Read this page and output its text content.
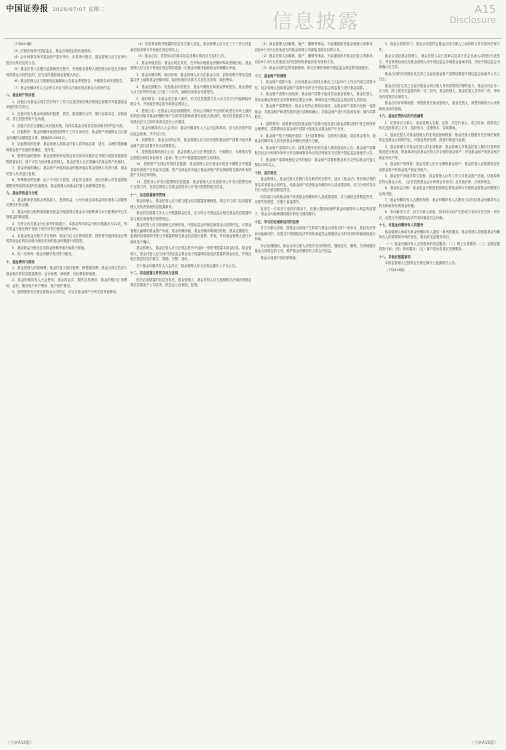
中国证券报 2020/07/07 星期二	信息披露	A15
Disclosure

（下转A14版）

（3）法律法规或中国证监会、基金合同规定的其他情形。

（4）会计师事务所对基金财产进行审计，出具审计报告，基金管理人应当在审计报告出具后及时公告。

（5）基金托管人在履行监督职责过程中，发现基金管理人的投资运作违反法律法规或基金合同约定的，应当及时通知基金管理人纠正。

（6）基金管理人应当按照规定编制和公告基金季度报告、中期报告和年度报告。

（7）基金份额持有人大会的召开应当符合法律法规及基金合同的约定。

八、基金财产的估值

1、估值日为基金合同生效后每个工作日以及国家法律法规规定需要对外披露基金净值的非交易日。

2、估值对象为基金所拥有的股票、债券、股指期货合约、银行存款本息、应收款项、其它投资等资产及负债。

3、估值方法应当遵循公允价值原则，具体以基金合同及招募说明书的约定为准。

4、估值程序：基金份额净值是按照每个工作日闭市后，基金资产净值除以当日基金份额的余额数量计算，精确到0.0001元。

5、估值错误的处理：基金管理人和基金托管人将采取必要、适当、合理的措施确保基金资产估值的准确性、及时性。

6、暂停估值的情形：基金投资所涉及的证券交易市场遇法定节假日或因其他原因暂停营业时；因不可抗力致使基金管理人、基金托管人无法准确评估基金资产价值时。

7、基金净值的确认：基金资产净值和基金份额净值由基金管理人负责计算，基金托管人负责进行复核。

8、特殊情况的处理：由于不可抗力原因，或证券交易所、登记结算公司发送的数据错误等原因造成的估值错误，基金管理人和基金托管人免除赔偿责任。

九、基金的收益与分配

1、基金利润是指基金利息收入、投资收益、公允价值变动收益和其他收入扣除相关费用后的余额。

2、基金可供分配利润指截至收益分配基准日基金未分配利润与未分配利润中已实现收益的孰低数。

3、在符合有关基金分红条件的前提下，本基金每年收益分配次数最多为12次，每次收益分配比例不得低于该次可供分配利润的10%。

4、本基金收益分配方式分两种：现金分红与红利再投资，投资者可选择现金红利或将现金红利自动转为相应类别的基金份额进行再投资。

5、基金收益分配后各类基金份额净值不能低于面值。

6、同一类别每一基金份额享有同等分配权。

十、基金费用与税收

1、基金管理人的管理费；基金托管人的托管费；销售服务费；基金合同生效后与基金相关的信息披露费用；会计师费、律师费、诉讼费和仲裁费。

2、基金份额持有人大会费用；基金的证券、期货交易费用；基金的银行汇划费用；证券、期货账户开户费用、账户维护费用。

3、按照国家有关规定和基金合同约定，可以在基金财产中列支的其他费用。

（4）若招募说明书披露的信息发生重大变化，基金管理人应当在三个工作日内更新招募说明书并登载在规定网站上。

（5）基金合同、托管协议的基本信息及修订情况应当及时公告。

2、基金净值信息：基金合同生效后，在开始办理基金份额申购或者赎回前，基金管理人应当至少每周在规定网站披露一次基金份额净值和基金份额累计净值。

3、基金份额申购、赎回价格：基金管理人应当在基金合同、招募说明书等信息披露文件上载明基金份额申购、赎回价格的计算方式及有关申购、赎回费率。

4、基金定期报告：包括基金年度报告、基金中期报告和基金季度报告。基金管理人应当在每年结束之日起三个月内，编制完成基金年度报告。

5、临时报告：本基金发生重大事件，有关信息披露义务人应当在2日内编制临时报告书，并登载在规定报刊和规定网站上。

6、澄清公告：在基金合同存续期限内，任何公共媒介中出现的或者在市场上流传的消息可能对基金份额价格产生误导性影响或者引起较大波动的，相关信息披露义务人知悉后应当立即对该消息进行公开澄清。

7、基金份额持有人大会决议：基金份额持有人大会决定的事项，应当依法报中国证监会备案，并予以公告。

8、清算报告：基金合同终止的，基金管理人应当依法组织基金财产清算小组对基金财产进行清算并作出清算报告。

9、投资股指期货相关公告：基金管理人应当在季度报告、中期报告、年度报告等定期报告和招募说明书（更新）等文件中披露股指期货交易情况。

10、投资资产支持证券的信息披露：基金管理人应在基金年报及中期报告中披露其持有的资产支持证券总额、资产支持证券市值占基金净资产的比例和报告期内所有的资产支持证券明细。

11、投资非公开发行股票的信息披露：基金管理人应在投资非公开发行股票后两个交易日内，在规定网站公告基金投资非公开发行股票的相关信息。

十一、信息披露事务管理

基金管理人、基金托管人应当建立健全信息披露管理制度，指定专门部门及高级管理人员负责管理信息披露事务。

基金信息披露义务人公开披露基金信息，应当符合中国证监会相关基金信息披露内容与格式准则等法规的规定。

基金托管人应当按照相关法律法规、中国证监会的规定和基金合同的约定，对基金管理人编制的基金资产净值、基金份额净值、基金份额申购赎回价格、基金定期报告、更新的招募说明书等公开披露的相关基金信息进行复核、审查，并向基金管理人进行书面或电子确认。

基金管理人、基金托管人应当在规定报刊中选择一家报刊披露本基金信息。基金管理人、基金托管人应当向中国证监会基金电子披露网站报送拟披露的基金信息，并保证相关报送信息的真实、准确、完整、及时。

对于基金份额持有人大会决议，基金管理人应当在规定媒介上予以公告。

十二、信息披露文件的存放与查阅

依法必须披露的信息发布后，基金管理人、基金托管人应当按照相关法律法规规定将信息置备于公司住所，供社会公众查阅、复制。

（1）基金管理人因解散、破产、撤销等事由，不能继续担任基金管理人的职务，而在6个月内无其他适当的基金管理公司承接其原有权利义务。

（2）基金托管人因解散、破产、撤销等事由，不能继续担任基金托管人的职务，而在6个月内无其他适当的托管机构承接其原有权利义务。

（3）基金合同约定的其他情形；相关法律法规和中国证监会规定的其他情况。

十三、基金财产的清算

1、基金财产清算小组：自出现基金合同终止事由之日起30个工作日内成立清算小组，基金管理人组织基金财产清算小组并在中国证监会的监督下进行基金清算。

2、基金财产清算小组组成：基金财产清算小组成员由基金管理人、基金托管人、具有从事证券相关业务资格的注册会计师、律师以及中国证监会指定的人员组成。

3、基金财产清算程序：基金合同终止情形出现时，由基金财产清算小组统一接管基金；对基金财产和债权债务进行清理和确认；对基金财产进行估值和变现；制作清算报告。

4、清算费用：清算费用是指基金财产清算小组在进行基金清算过程中发生的所有合理费用，清算费用由基金财产清算小组优先从基金财产中支付。

5、基金财产按下列顺序清偿：支付清算费用；交纳所欠税款；清偿基金债务；按基金份额持有人持有的基金份额比例进行分配。

6、基金财产清算的公告：清算过程中的有关重大事项须及时公告；基金财产清算报告经会计师事务所审计并由律师事务所出具法律意见书后报中国证监会备案并公告。

7、基金财产清算账册及文件的保存：基金财产清算账册及有关文件由基金托管人保存15年以上。

十四、违约责任

基金管理人、基金托管人在履行各自职责的过程中，违反《基金法》等法律法规的规定或者基金合同约定，给基金财产或者基金份额持有人造成损害的，应当分别对各自的行为依法承担赔偿责任。

因共同行为给基金财产或者基金份额持有人造成损害的，应当承担连带赔偿责任，对损失的赔偿，仅限于直接损失。

在发生一方或多方违约的情况下，在最大限度地保护基金份额持有人利益的前提下，基金合同能够继续履行的应当继续履行。

十五、争议的处理和适用的法律

各方当事人同意，因基金合同而产生的或与基金合同有关的一切争议，如经友好协商未能解决的，应提交中国国际经济贸易仲裁委员会根据该会当时有效的仲裁规则进行仲裁。

争议处理期间，基金合同当事人应恪守各自的职责，继续忠实、勤勉、尽责地履行基金合同规定的义务，维护基金份额持有人的合法权益。

基金合同受中国法律管辖。

3、基金合同的效力：基金合同是约定基金合同当事人之间权利义务关系的法律文件。

基金合同经基金管理人、基金托管人双方盖章以及双方法定代表人或授权代表签字，并在募集结束后经基金管理人向中国证监会办理基金备案手续，并经中国证监会书面确认后生效。

基金合同的有效期自其生效之日起至基金财产清算结果报中国证监会备案并公告之日止。

基金合同自生效之日起对基金合同当事人具有同等的法律约束力。基金合同正本一式六份，除上报有关监管机构一式二份外，基金管理人、基金托管人各持有二份，每份具有同等的法律效力。

基金合同可印制成册，供投资者在基金管理人、基金托管人、销售机构的办公场所和营业场所查阅。

十六、基金托管协议的内容摘要

1、托管协议当事人：基金管理人名称、住所、法定代表人、成立时间、批准设立机关及批准设立文号、组织形式、注册资本、存续期间。

2、基金托管人对基金管理人的业务监督和核查：基金托管人根据有关法律法规的规定及基金合同的约定，对基金投资范围、投资对象进行监督。

3、基金管理人对基金托管人的业务核查：基金管理人对基金托管人履行托管职责情况进行核查，核查事项包括基金托管人安全保管基金财产、开设基金财产的资金账户和证券账户等。

4、基金财产的保管：基金托管人应安全保管基金财产；基金托管人应按照规定开设基金财产的资金账户和证券账户。

5、基金资产净值计算与复核：基金管理人应每工作日对基金资产估值，估值原则应符合基金合同、《证券投资基金会计核算业务指引》及其他法律、法规的规定。

6、基金收益分配：基金收益分配是指按规定将基金的可分配收益按基金份额进行比例分配。

7、基金份额持有人名册的保管：基金份额持有人名册至少应包括基金份额持有人的名称和持有的基金份额。

8、争议解决方式：双方当事人同意，因本协议而产生的或与本协议有关的一切争议，应提交中国国际经济贸易仲裁委员会仲裁。

十七、对基金份额持有人的服务

基金管理人承诺为基金份额持有人提供一系列的服务。基金管理人将根据基金份额持有人的需要和市场的变化，增加或变更服务项目。

（一）基金份额持有人交易资料的寄送服务；（二）网上交易服务；（三）定期定额投资计划；（四）资讯服务；（五）客户投诉及建议受理服务。

十八、其他应披露事项

本基金管理人已按规定在规定媒介上披露相关公告。

（下转A16版）

（下转A14版）	（下转A16版）
